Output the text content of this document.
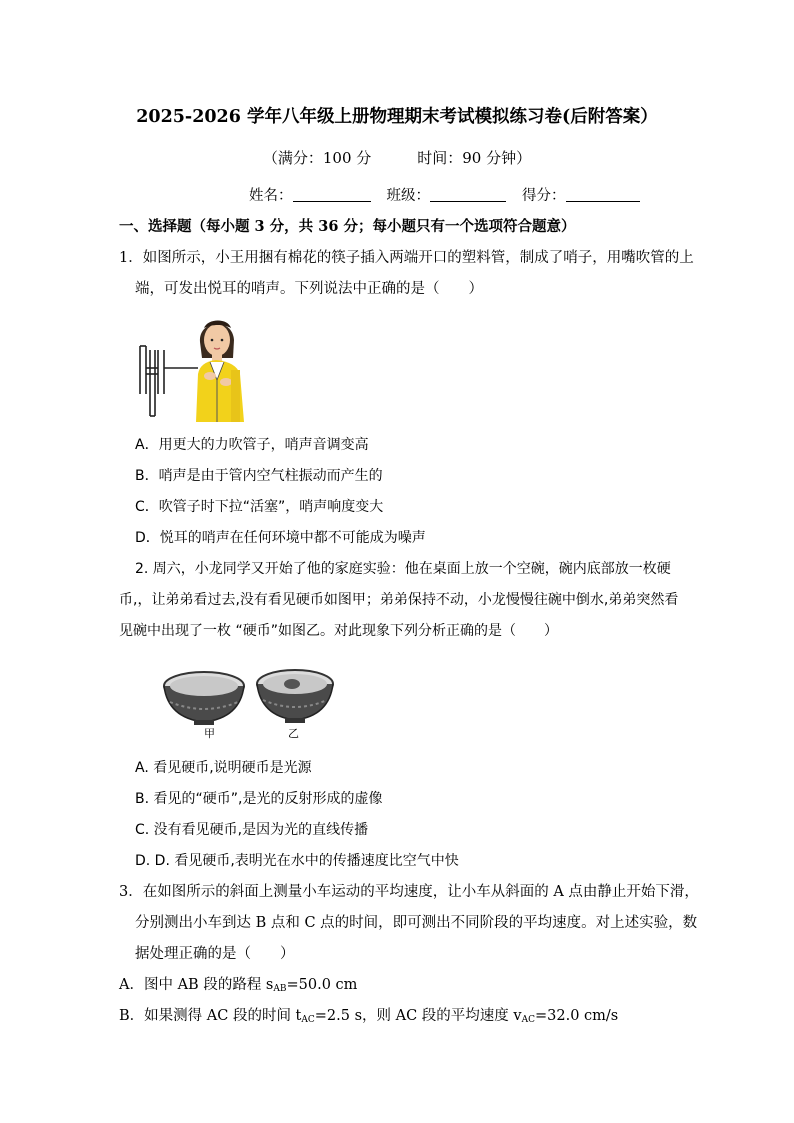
2025-2026 学年八年级上册物理期末考试模拟练习卷(后附答案）
（满分：100 分	时间：90 分钟）
姓名：	班级：	得分：
一、选择题（每小题 3 分，共 36 分；每小题只有一个选项符合题意）
1．如图所示，小王用捆有棉花的筷子插入两端开口的塑料管，制成了哨子，用嘴吹管的上
端，可发出悦耳的哨声。下列说法中正确的是（　　）
A．用更大的力吹管子，哨声音调变高
B．哨声是由于管内空气柱振动而产生的
C．吹管子时下拉“活塞”，哨声响度变大
D．悦耳的哨声在任何环境中都不可能成为噪声
2. 周六，小龙同学又开始了他的家庭实验：他在桌面上放一个空碗，碗内底部放一枚硬
币,，让弟弟看过去,没有看见硬币如图甲；弟弟保持不动，小龙慢慢往碗中倒水,弟弟突然看
见碗中出现了一枚 “硬币”如图乙。对此现象下列分析正确的是（　　）
甲	乙
A. 看见硬币,说明硬币是光源
B. 看见的“硬币”,是光的反射形成的虚像
C. 没有看见硬币,是因为光的直线传播
D. D. 看见硬币,表明光在水中的传播速度比空气中快
3．在如图所示的斜面上测量小车运动的平均速度，让小车从斜面的 A 点由静止开始下滑，
分别测出小车到达 B 点和 C 点的时间，即可测出不同阶段的平均速度。对上述实验，数
据处理正确的是（　　）
A．图中 AB 段的路程 $s_{AB}=50.0$ cm
B．如果测得 AC 段的时间 $t_{AC}=2.5$ s，则 AC 段的平均速度 $v_{AC}=32.0$ cm/s
